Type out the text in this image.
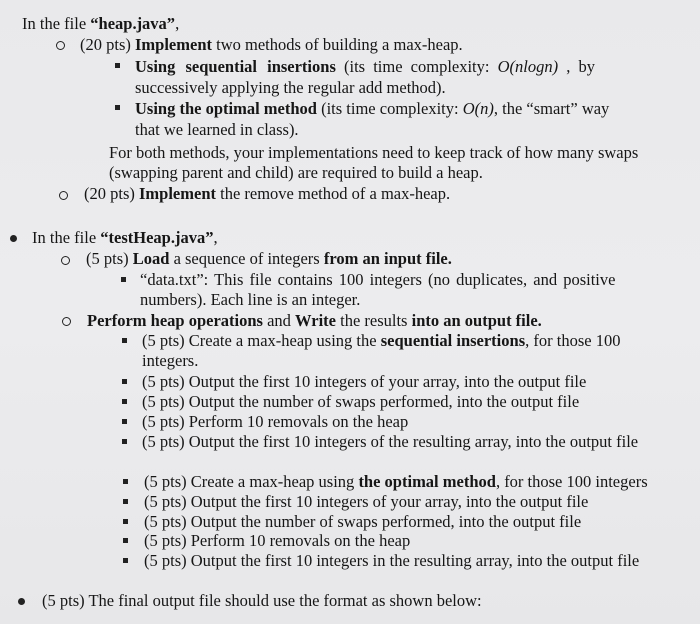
In the file “heap.java”,
(20 pts) Implement two methods of building a max-heap.
Using sequential insertions (its time complexity: O(nlogn) , by
successively applying the regular add method).
Using the optimal method (its time complexity: O(n), the “smart” way
that we learned in class).
For both methods, your implementations need to keep track of how many swaps
(swapping parent and child) are required to build a heap.
(20 pts) Implement the remove method of a max-heap.
In the file “testHeap.java”,
(5 pts) Load a sequence of integers from an input file.
“data.txt”: This file contains 100 integers (no duplicates, and positive
numbers). Each line is an integer.
Perform heap operations and Write the results into an output file.
(5 pts) Create a max-heap using the sequential insertions, for those 100
integers.
(5 pts) Output the first 10 integers of your array, into the output file
(5 pts) Output the number of swaps performed, into the output file
(5 pts) Perform 10 removals on the heap
(5 pts) Output the first 10 integers of the resulting array, into the output file
(5 pts) Create a max-heap using the optimal method, for those 100 integers
(5 pts) Output the first 10 integers of your array, into the output file
(5 pts) Output the number of swaps performed, into the output file
(5 pts) Perform 10 removals on the heap
(5 pts) Output the first 10 integers in the resulting array, into the output file
(5 pts) The final output file should use the format as shown below:
